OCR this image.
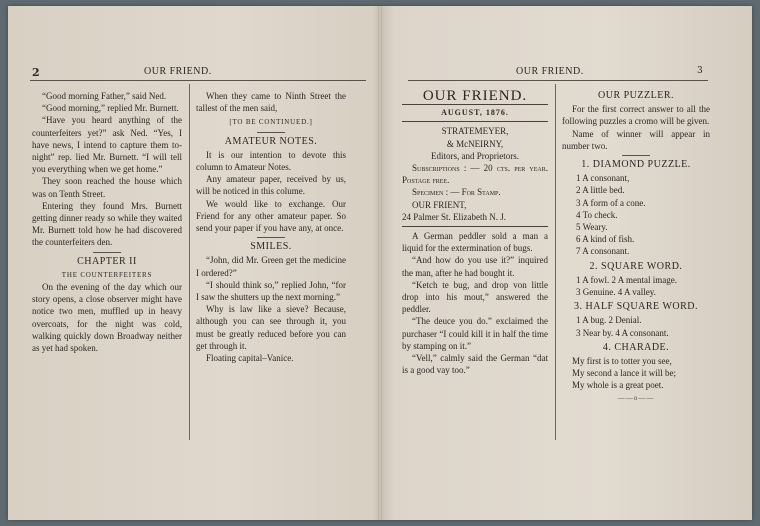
2	OUR FRIEND.

“Good morning Father,” said Ned.

“Good morning,” replied Mr. Burnett.

“Have you heard anything of the counterfeiters yet?” ask Ned. “Yes, I have news, I intend to capture them to-night” rep. lied Mr. Burnett. “I will tell you everything when we get home.”

They soon reached the house which was on Tenth Street.

Entering they found Mrs. Burnett getting dinner ready so while they waited Mr. Burnett told how he had discovered the counterfeiters den.

CHAPTER II
THE COUNTERFEITERS

On the evening of the day which our story opens, a close observer might have notice two men, muffled up in heavy overcoats, for the night was cold, walking quickly down Broadway neither as yet had spoken.

When they came to Ninth Street the tallest of the men said,

[TO BE CONTINUED.]
AMATEUR NOTES.

It is our intention to devote this column to Amateur Notes.

Any amateur paper, received by us, will be noticed in this colume.

We would like to exchange. Our Friend for any other amateur paper. So send your paper if you have any, at once.

SMILES.

“John, did Mr. Green get the medicine I ordered?”

“I should think so,” replied John, “for I saw the shutters up the next morning.”

Why is law like a sieve? Because, although you can see through it, you must be greatly reduced before you can get through it.

Floating capital–Vanice.

OUR FRIEND.	3
OUR FRIEND.
AUGUST, 1876.
STRATEMEYER,
& McNEIRNY,
Editors, and Proprietors.

Subscriptions : — 20 cts. per year. Postage free.

Specimen : — For Stamp.

OUR FRIENT,

24 Palmer St. Elizabeth N. J.

A German peddler sold a man a liquid for the extermination of bugs.

“And how do you use it?” inquired the man, after he had bought it.

“Ketch te bug, and drop von little drop into his mout,” answered the peddler.

“The deuce you do.” exclaimed the purchaser “I could kill it in half the time by stamping on it.”

“Vell,” calmly said the German “dat is a good vay too.”

OUR PUZZLER.

For the first correct answer to all the following puzzles a cromo will be given.

Name of winner will appear in number two.

1. DIAMOND PUZZLE.

1 A consonant,

2 A little bed.

3 A form of a cone.

4 To check.

5 Weary.

6 A kind of fish.

7 A consonant.

2. SQUARE WORD.

1 A fowl. 2 A mental image.

3 Genuine. 4 A valley.

3. HALF SQUARE WORD.

1 A bug. 2 Denial.

3 Near by. 4 A consonant.

4. CHARADE.

My first is to totter you see,

My second a lance it will be;

My whole is a great poet.

——o——
